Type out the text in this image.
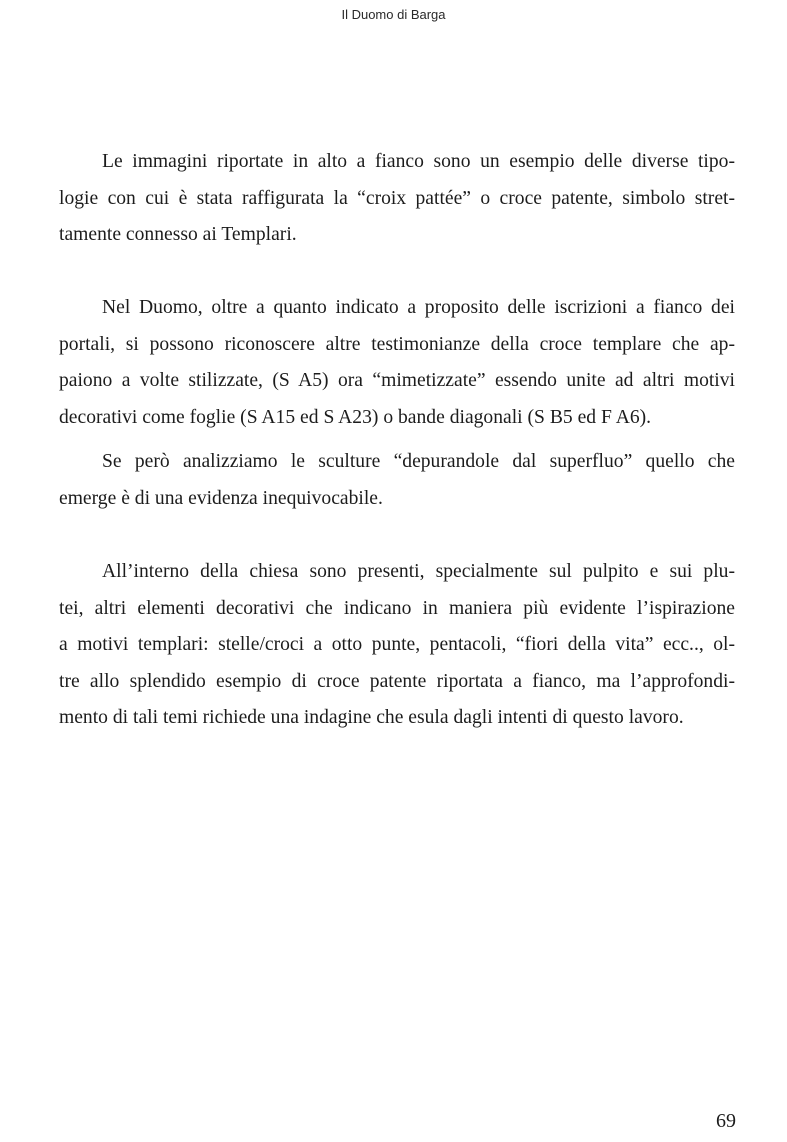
Il Duomo di Barga
Le immagini riportate in alto a fianco sono un esempio delle diverse tipo-
logie con cui è stata raffigurata la “croix pattée” o croce patente, simbolo stret-
tamente connesso ai Templari.
Nel Duomo, oltre a quanto indicato a proposito delle iscrizioni a fianco dei
portali, si possono riconoscere altre testimonianze della croce templare che ap-
paiono a volte stilizzate, (S A5) ora “mimetizzate” essendo unite ad altri motivi
decorativi come foglie (S A15 ed S A23) o bande diagonali (S B5 ed F A6).
Se però analizziamo le sculture “depurandole dal superfluo” quello che
emerge è di una evidenza inequivocabile.
All’interno della chiesa sono presenti, specialmente sul pulpito e sui plu-
tei, altri elementi decorativi che indicano in maniera più evidente l’ispirazione
a motivi templari: stelle/croci a otto punte, pentacoli, “fiori della vita” ecc.., ol-
tre allo splendido esempio di croce patente riportata a fianco, ma l’approfondi-
mento di tali temi richiede una indagine che esula dagli intenti di questo lavoro.
69
